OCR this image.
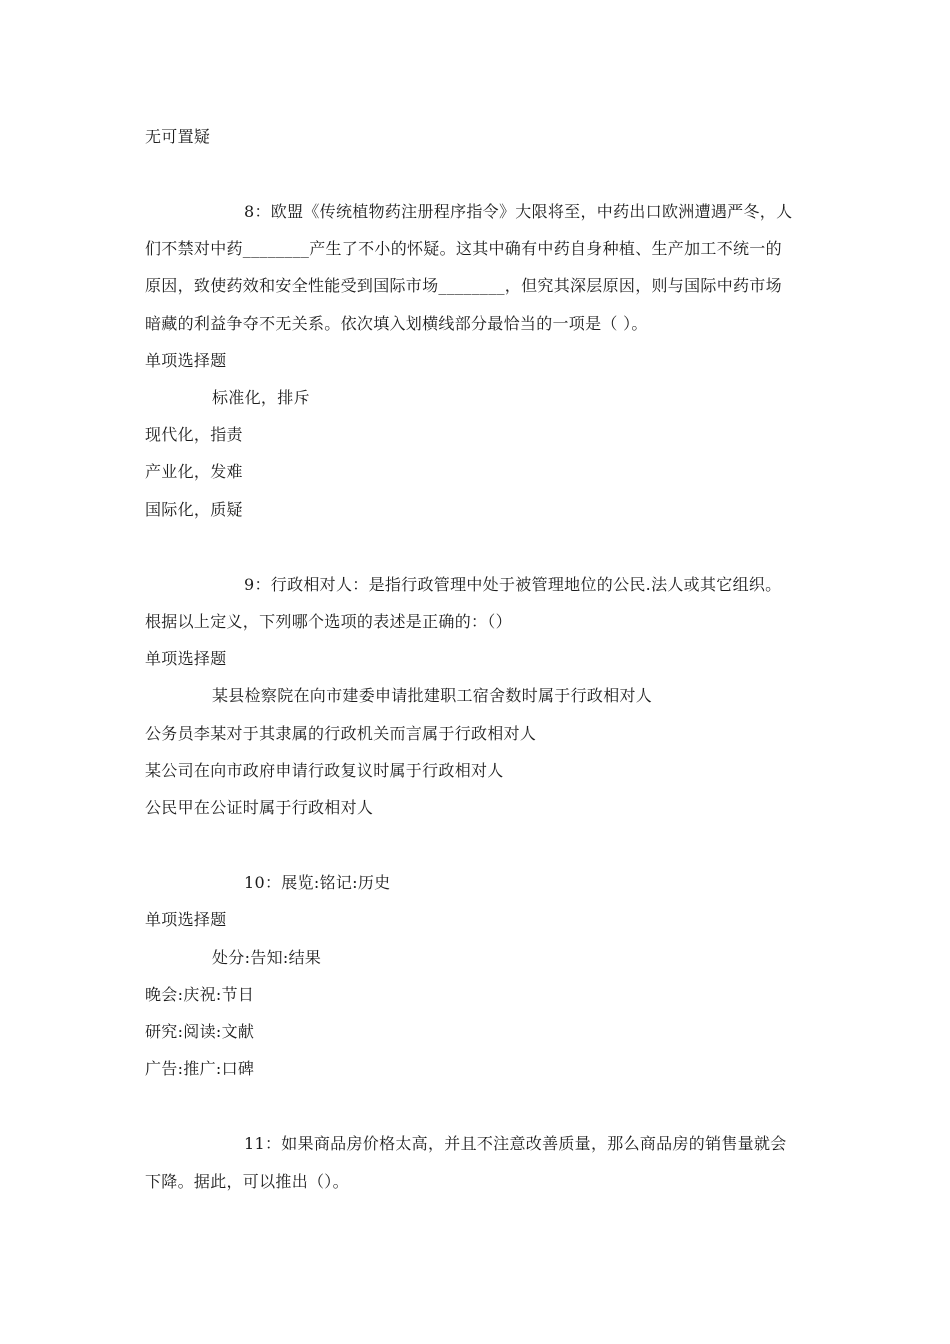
无可置疑
8：欧盟《传统植物药注册程序指令》大限将至，中药出口欧洲遭遇严冬，人
们不禁对中药________产生了不小的怀疑。这其中确有中药自身种植、生产加工不统一的
原因，致使药效和安全性能受到国际市场________，但究其深层原因，则与国际中药市场
暗藏的利益争夺不无关系。依次填入划横线部分最恰当的一项是（ ）。
单项选择题
标准化，排斥
现代化，指责
产业化，发难
国际化，质疑
9：行政相对人：是指行政管理中处于被管理地位的公民.法人或其它组织。
根据以上定义，下列哪个选项的表述是正确的：（）
单项选择题
某县检察院在向市建委申请批建职工宿舍数时属于行政相对人
公务员李某对于其隶属的行政机关而言属于行政相对人
某公司在向市政府申请行政复议时属于行政相对人
公民甲在公证时属于行政相对人
10：展览:铭记:历史
单项选择题
处分:告知:结果
晚会:庆祝:节日
研究:阅读:文献
广告:推广:口碑
11：如果商品房价格太高，并且不注意改善质量，那么商品房的销售量就会
下降。据此，可以推出（）。
